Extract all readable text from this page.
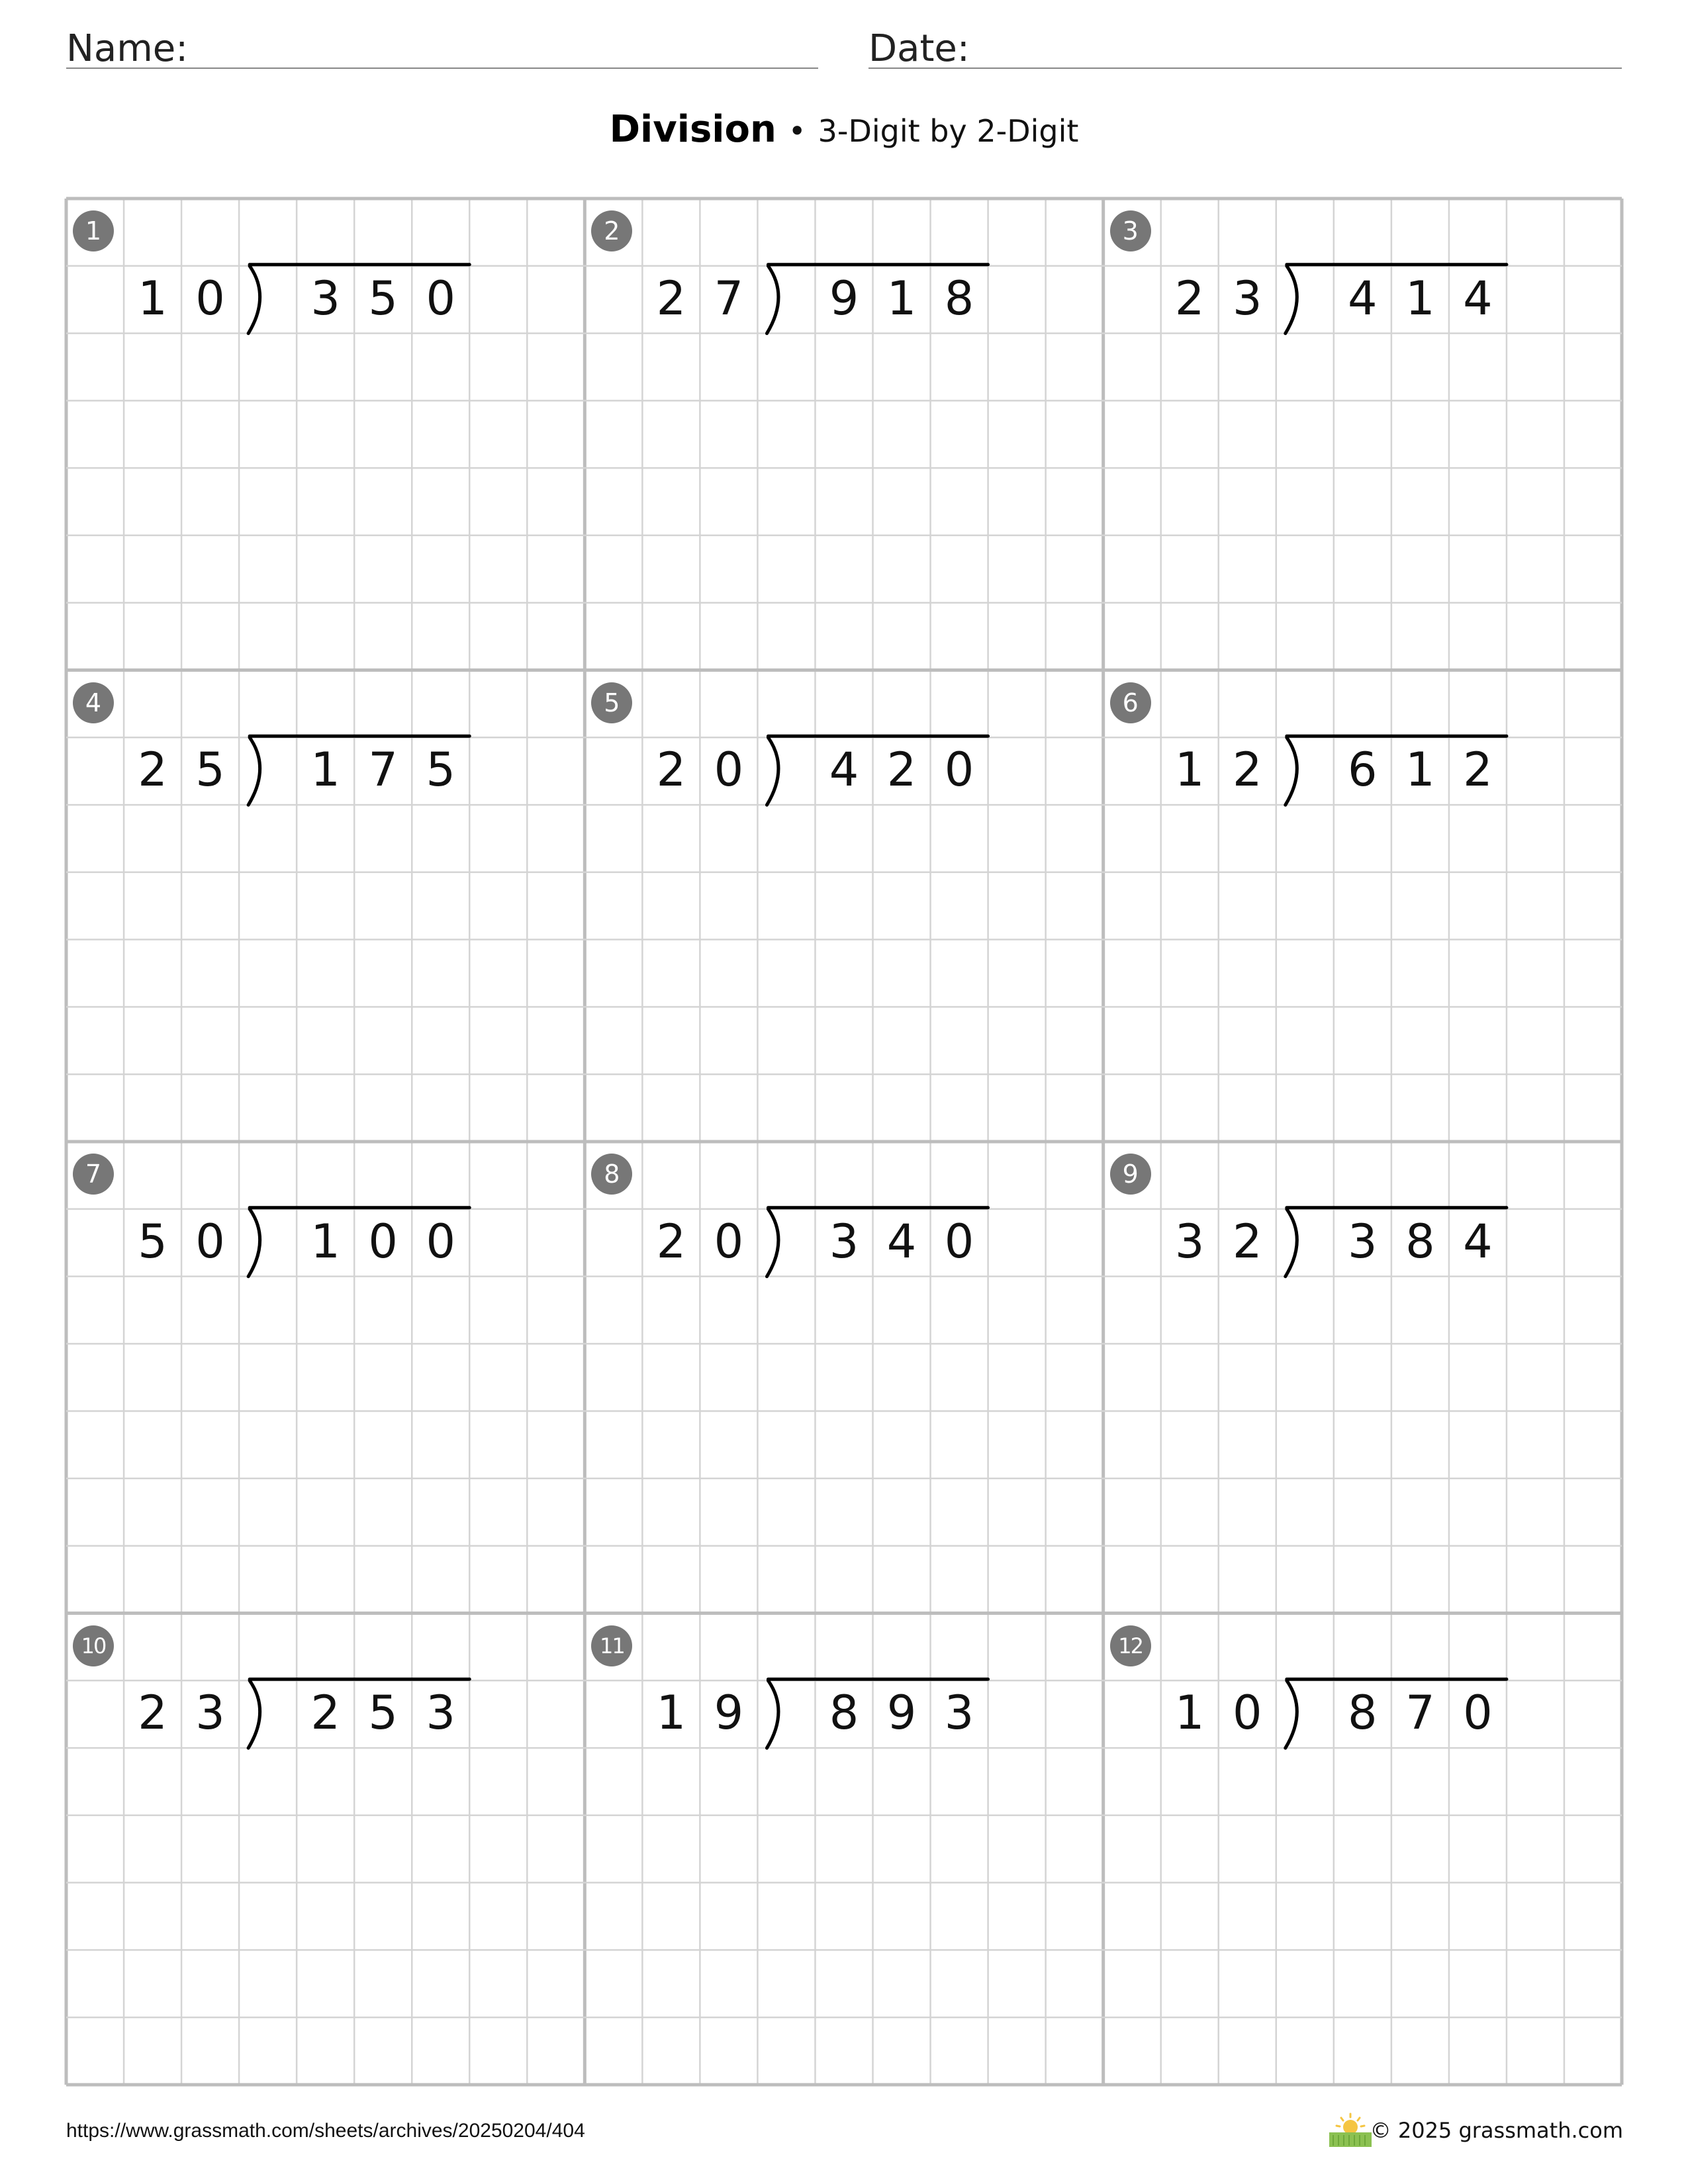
Name:	Date:
Division • 3-Digit by 2-Digit
1
1 0	3 5 0
2
2 7	9 1 8
3
2 3	4 1 4
4
2 5	1 7 5
5
2 0	4 2 0
6
1 2	6 1 2
7
5 0	1 0 0
8
2 0	3 4 0
9
3 2	3 8 4
10
2 3	2 5 3
11
1 9	8 9 3
12
1 0	8 7 0
https://www.grassmath.com/sheets/archives/20250204/404	© 2025 grassmath.com
